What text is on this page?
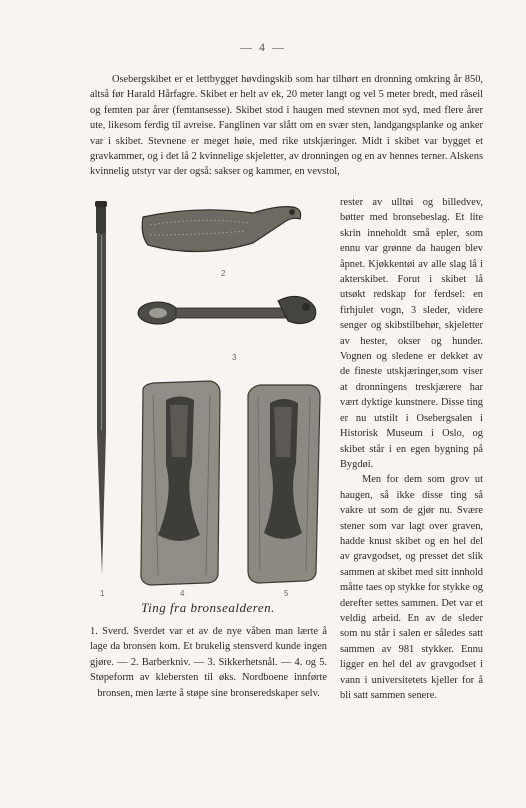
— 4 —

Osebergskibet er et lettbygget høvdingskib som har tilhørt en dronning omkring år 850, altså før Harald Hårfagre. Skibet er helt av ek, 20 meter langt og vel 5 meter bredt, med råseil og femten par årer (femtansesse). Skibet stod i haugen med stevnen mot syd, med flere årer ute, likesom ferdig til avreise. Fanglinen var slått om en svær sten, landgangsplanke og anker var i skibet. Stevnene er meget høie, med rike utskjæringer. Midt i skibet var bygget et gravkammer, og i det lå 2 kvinnelige skjeletter, av dronningen og en av hennes terner. Alskens kvinnelig utstyr var der også: sakser og kammer, en vevstol,

1
2
3
4	5
Ting fra bronsealderen.

1. Sverd. Sverdet var et av de nye våben man lærte å lage da bronsen kom. Et brukelig stensverd kunde ingen gjøre. — 2. Barberkniv. — 3. Sikkerhetsnål. — 4. og 5. Støpeform av klebersten til øks. Nordboene innførte bronsen, men lærte å støpe sine bronseredskaper selv.

rester av ulltøi og billedvev, bøtter med bronsebeslag. Et lite skrin inneholdt små epler, som ennu var grønne da haugen blev åpnet. Kjøkkentøi av alle slag lå i akterskibet. Forut i skibet lå utsøkt redskap for ferdsel: en firhjulet vogn, 3 sleder, videre senger og skibstilbehør, skjeletter av hester, okser og hunder. Vognen og sledene er dekket av de fineste utskjæringer,som viser at dronningens treskjærere har vært dyktige kunstnere. Disse ting er nu utstilt i Osebergsalen i Historisk Museum i Oslo, og skibet står i en egen bygning på Bygdøi.

Men for dem som grov ut haugen, så ikke disse ting så vakre ut som de gjør nu. Svære stener som var lagt over graven, hadde knust skibet og en hel del av gravgodset, og presset det slik sammen at skibet med sitt innhold måtte taes op stykke for stykke og derefter settes sammen. Det var et veldig arbeid. En av de sleder som nu står i salen er således satt sammen av 981 stykker. Ennu ligger en hel del av gravgodset i vann i universitetets kjeller for å bli satt sammen senere.
